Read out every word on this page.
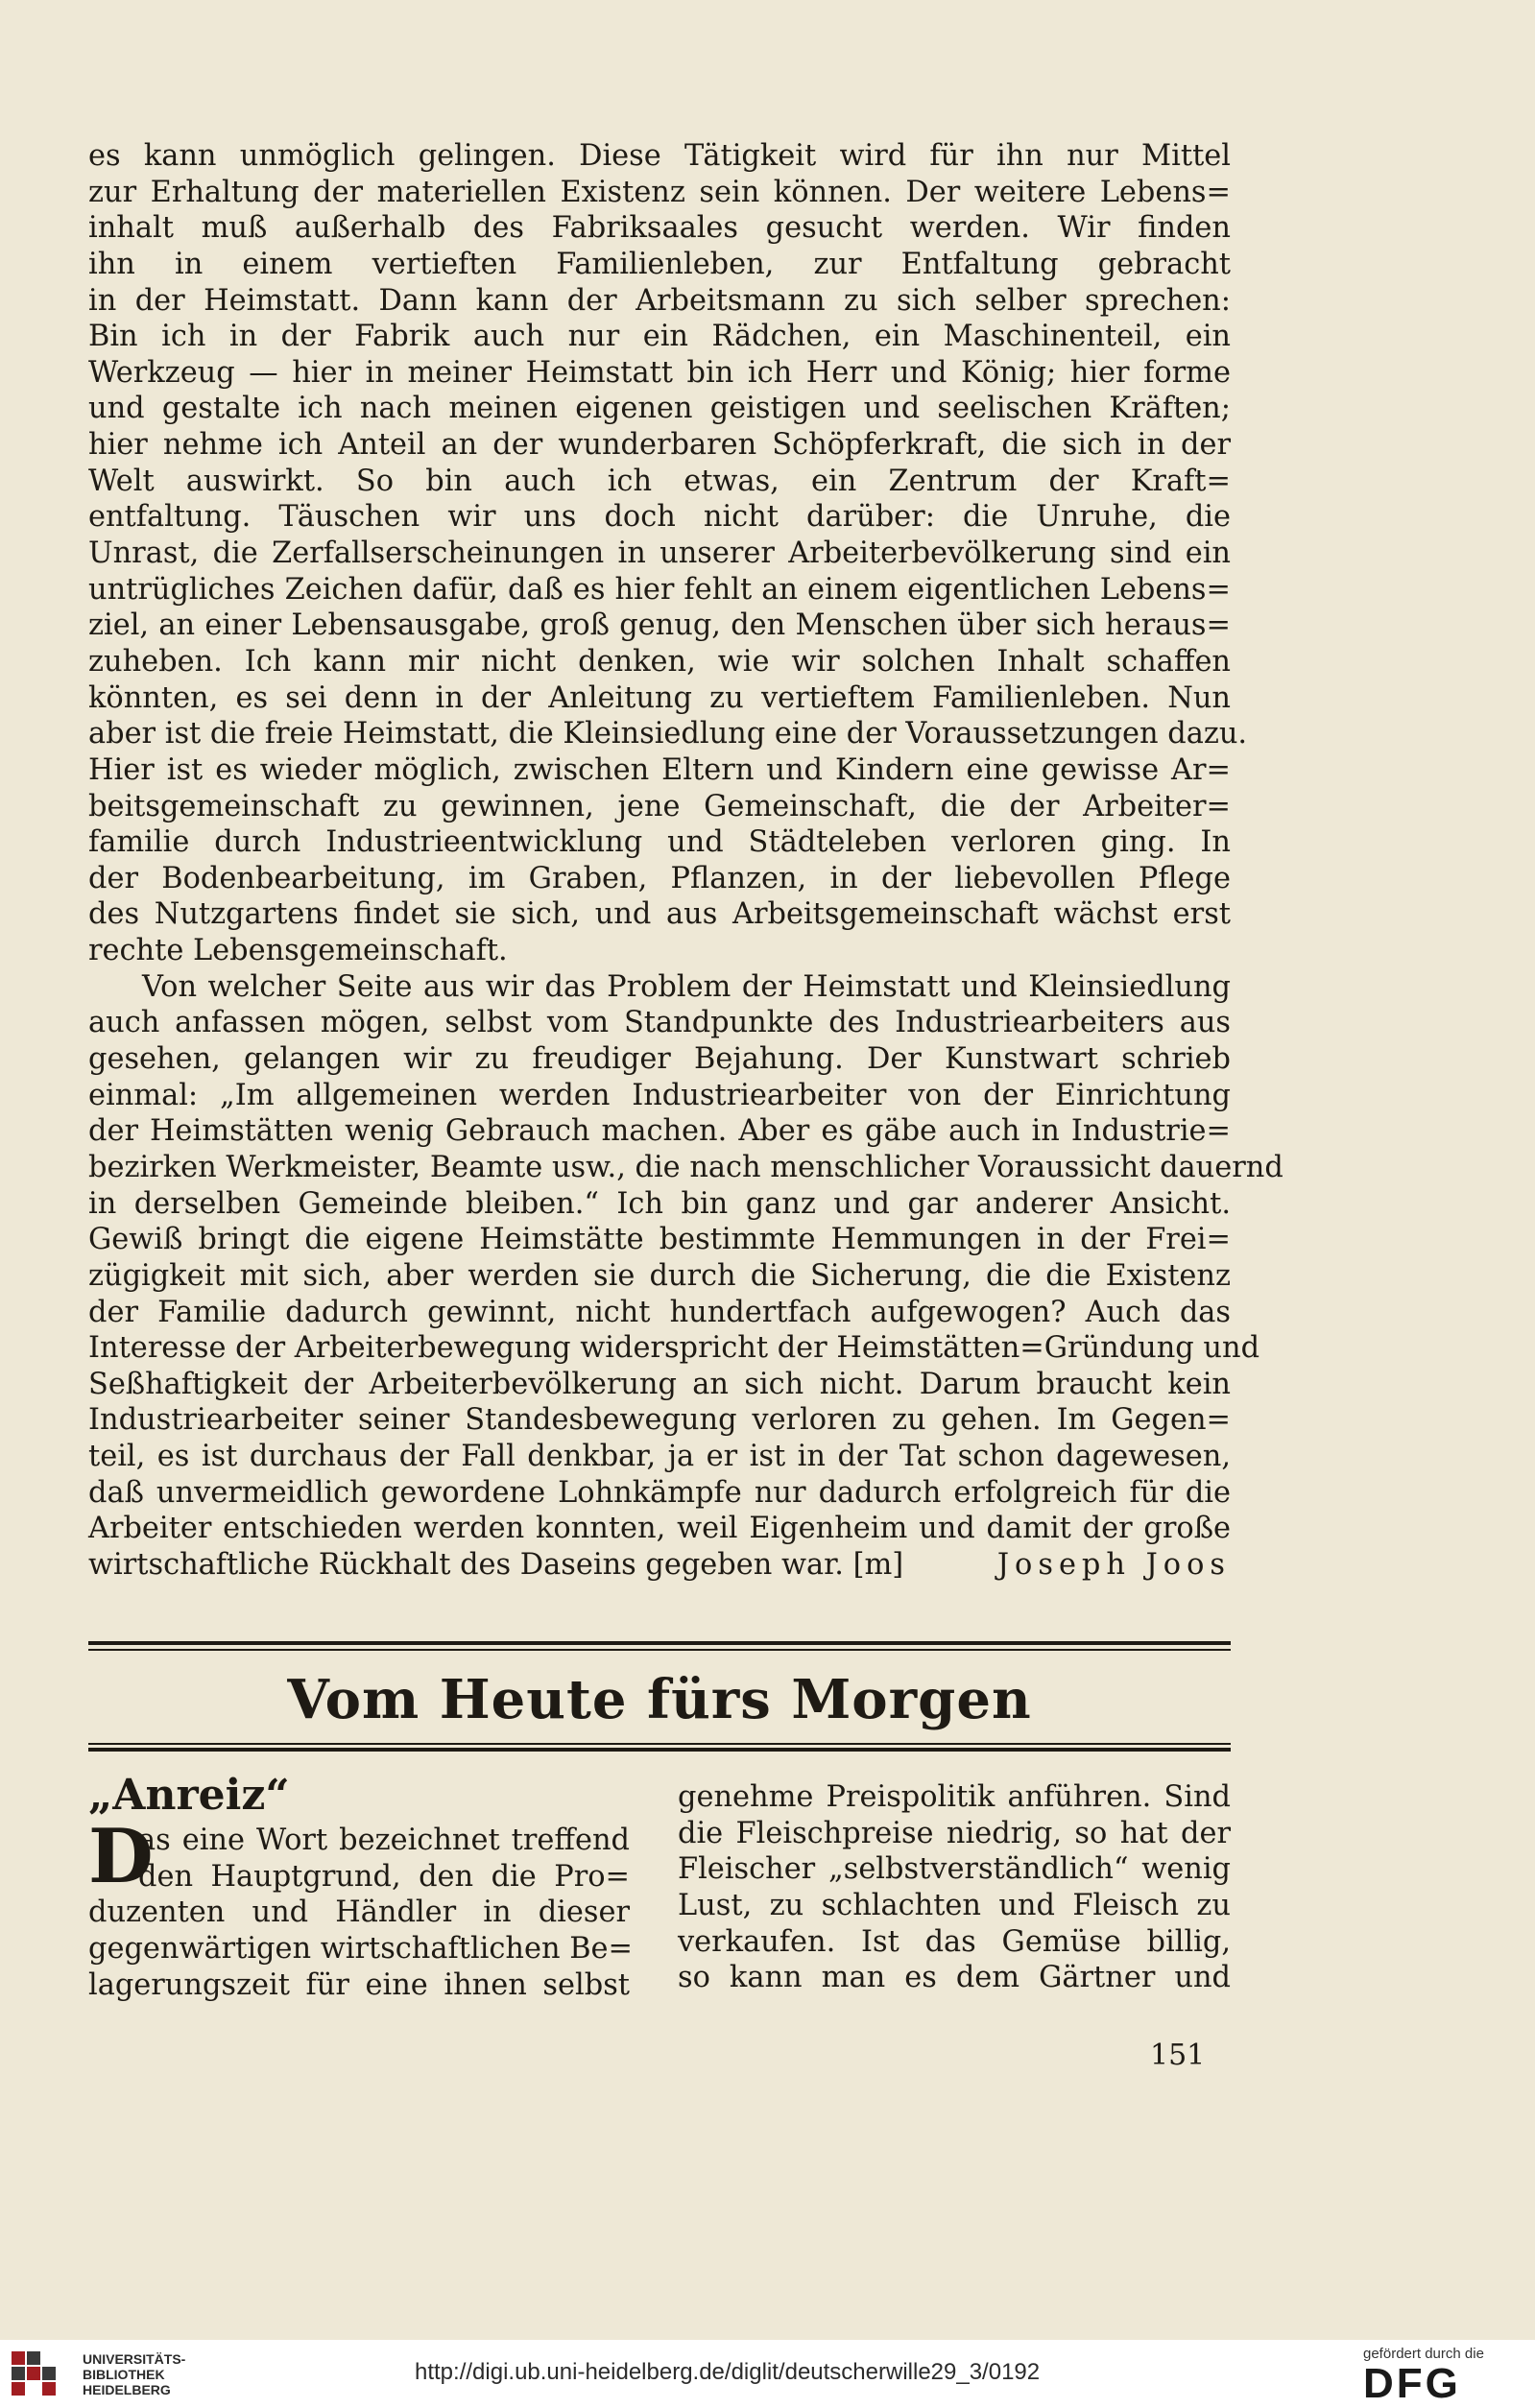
es kann unmöglich gelingen. Diese Tätigkeit wird für ihn nur Mittel
zur Erhaltung der materiellen Existenz sein können. Der weitere Lebens=
inhalt muß außerhalb des Fabriksaales gesucht werden. Wir finden
ihn in einem vertieften Familienleben, zur Entfaltung gebracht
in der Heimstatt. Dann kann der Arbeitsmann zu sich selber sprechen:
Bin ich in der Fabrik auch nur ein Rädchen, ein Maschinenteil, ein
Werkzeug — hier in meiner Heimstatt bin ich Herr und König; hier forme
und gestalte ich nach meinen eigenen geistigen und seelischen Kräften;
hier nehme ich Anteil an der wunderbaren Schöpferkraft, die sich in der
Welt auswirkt. So bin auch ich etwas, ein Zentrum der Kraft=
entfaltung. Täuschen wir uns doch nicht darüber: die Unruhe, die
Unrast, die Zerfallserscheinungen in unserer Arbeiterbevölkerung sind ein
untrügliches Zeichen dafür, daß es hier fehlt an einem eigentlichen Lebens=
ziel, an einer Lebensausgabe, groß genug, den Menschen über sich heraus=
zuheben. Ich kann mir nicht denken, wie wir solchen Inhalt schaffen
könnten, es sei denn in der Anleitung zu vertieftem Familienleben. Nun
aber ist die freie Heimstatt, die Kleinsiedlung eine der Voraussetzungen dazu.
Hier ist es wieder möglich, zwischen Eltern und Kindern eine gewisse Ar=
beitsgemeinschaft zu gewinnen, jene Gemeinschaft, die der Arbeiter=
familie durch Industrieentwicklung und Städteleben verloren ging. In
der Bodenbearbeitung, im Graben, Pflanzen, in der liebevollen Pflege
des Nutzgartens findet sie sich, und aus Arbeitsgemeinschaft wächst erst
rechte Lebensgemeinschaft.
Von welcher Seite aus wir das Problem der Heimstatt und Kleinsiedlung
auch anfassen mögen, selbst vom Standpunkte des Industriearbeiters aus
gesehen, gelangen wir zu freudiger Bejahung. Der Kunstwart schrieb
einmal: „Im allgemeinen werden Industriearbeiter von der Einrichtung
der Heimstätten wenig Gebrauch machen. Aber es gäbe auch in Industrie=
bezirken Werkmeister, Beamte usw., die nach menschlicher Voraussicht dauernd
in derselben Gemeinde bleiben.“ Ich bin ganz und gar anderer Ansicht.
Gewiß bringt die eigene Heimstätte bestimmte Hemmungen in der Frei=
zügigkeit mit sich, aber werden sie durch die Sicherung, die die Existenz
der Familie dadurch gewinnt, nicht hundertfach aufgewogen? Auch das
Interesse der Arbeiterbewegung widerspricht der Heimstätten=Gründung und
Seßhaftigkeit der Arbeiterbevölkerung an sich nicht. Darum braucht kein
Industriearbeiter seiner Standesbewegung verloren zu gehen. Im Gegen=
teil, es ist durchaus der Fall denkbar, ja er ist in der Tat schon dagewesen,
daß unvermeidlich gewordene Lohnkämpfe nur dadurch erfolgreich für die
Arbeiter entschieden werden konnten, weil Eigenheim und damit der große
wirtschaftliche Rückhalt des Daseins gegeben war. [m]	Joseph Joos
Vom Heute fürs Morgen
„Anreiz“
D
as eine Wort bezeichnet treffend
den Hauptgrund, den die Pro=
duzenten und Händler in dieser
gegenwärtigen wirtschaftlichen Be=
lagerungszeit für eine ihnen selbst
genehme Preispolitik anführen. Sind
die Fleischpreise niedrig, so hat der
Fleischer „selbstverständlich“ wenig
Lust, zu schlachten und Fleisch zu
verkaufen. Ist das Gemüse billig,
so kann man es dem Gärtner und
151
UNIVERSITÄTS-
BIBLIOTHEK
HEIDELBERG
http://digi.ub.uni-heidelberg.de/diglit/deutscherwille29_3/0192
gefördert durch die
DFG
